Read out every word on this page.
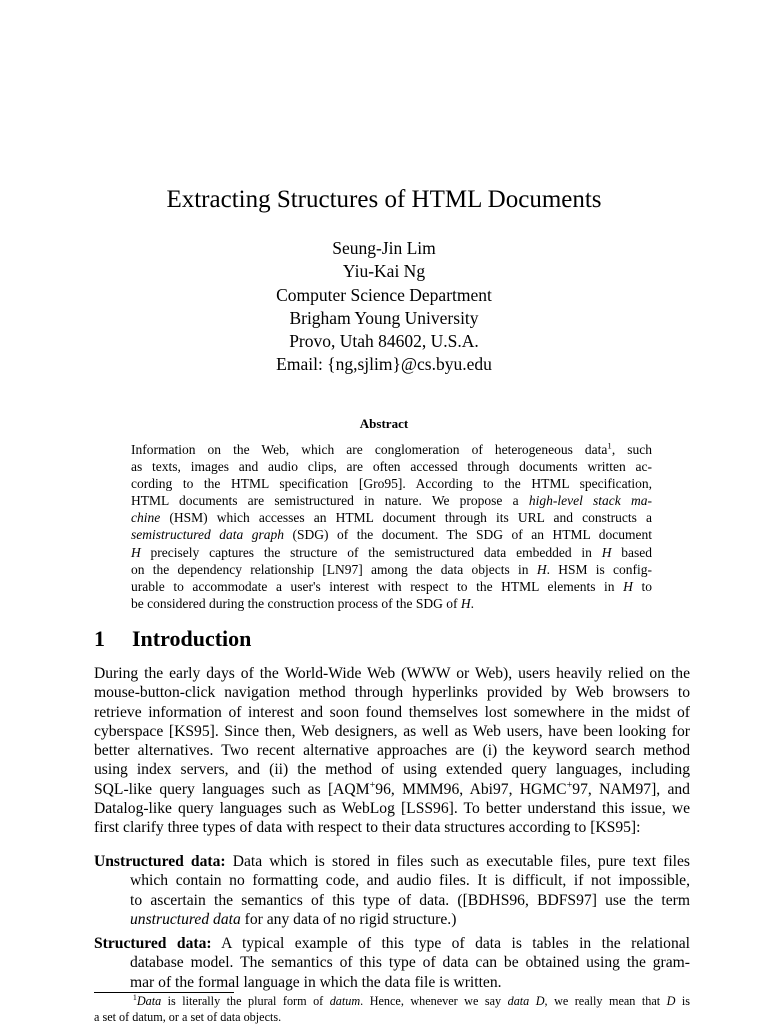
Extracting Structures of HTML Documents
Seung-Jin Lim
Yiu-Kai Ng
Computer Science Department
Brigham Young University
Provo, Utah 84602, U.S.A.
Email: {ng,sjlim}@cs.byu.edu
Abstract
Information on the Web, which are conglomeration of heterogeneous data$^1$, such
as texts, images and audio clips, are often accessed through documents written ac-
cording to the HTML specification [Gro95]. According to the HTML specification,
HTML documents are semistructured in nature. We propose a high-level stack ma-
chine (HSM) which accesses an HTML document through its URL and constructs a
semistructured data graph (SDG) of the document. The SDG of an HTML document
H precisely captures the structure of the semistructured data embedded in H based
on the dependency relationship [LN97] among the data objects in H. HSM is config-
urable to accommodate a user's interest with respect to the HTML elements in H to
be considered during the construction process of the SDG of H.
1 Introduction
During the early days of the World-Wide Web (WWW or Web), users heavily relied on the
mouse-button-click navigation method through hyperlinks provided by Web browsers to
retrieve information of interest and soon found themselves lost somewhere in the midst of
cyberspace [KS95]. Since then, Web designers, as well as Web users, have been looking for
better alternatives. Two recent alternative approaches are (i) the keyword search method
using index servers, and (ii) the method of using extended query languages, including
SQL-like query languages such as [AQM+96, MMM96, Abi97, HGMC+97, NAM97], and
Datalog-like query languages such as WebLog [LSS96]. To better understand this issue, we
first clarify three types of data with respect to their data structures according to [KS95]:
Unstructured data: Data which is stored in files such as executable files, pure text files
which contain no formatting code, and audio files. It is difficult, if not impossible,
to ascertain the semantics of this type of data. ([BDHS96, BDFS97] use the term
unstructured data for any data of no rigid structure.)
Structured data: A typical example of this type of data is tables in the relational
database model. The semantics of this type of data can be obtained using the gram-
mar of the formal language in which the data file is written.
$^1$Data is literally the plural form of datum. Hence, whenever we say data D, we really mean that D is
a set of datum, or a set of data objects.
